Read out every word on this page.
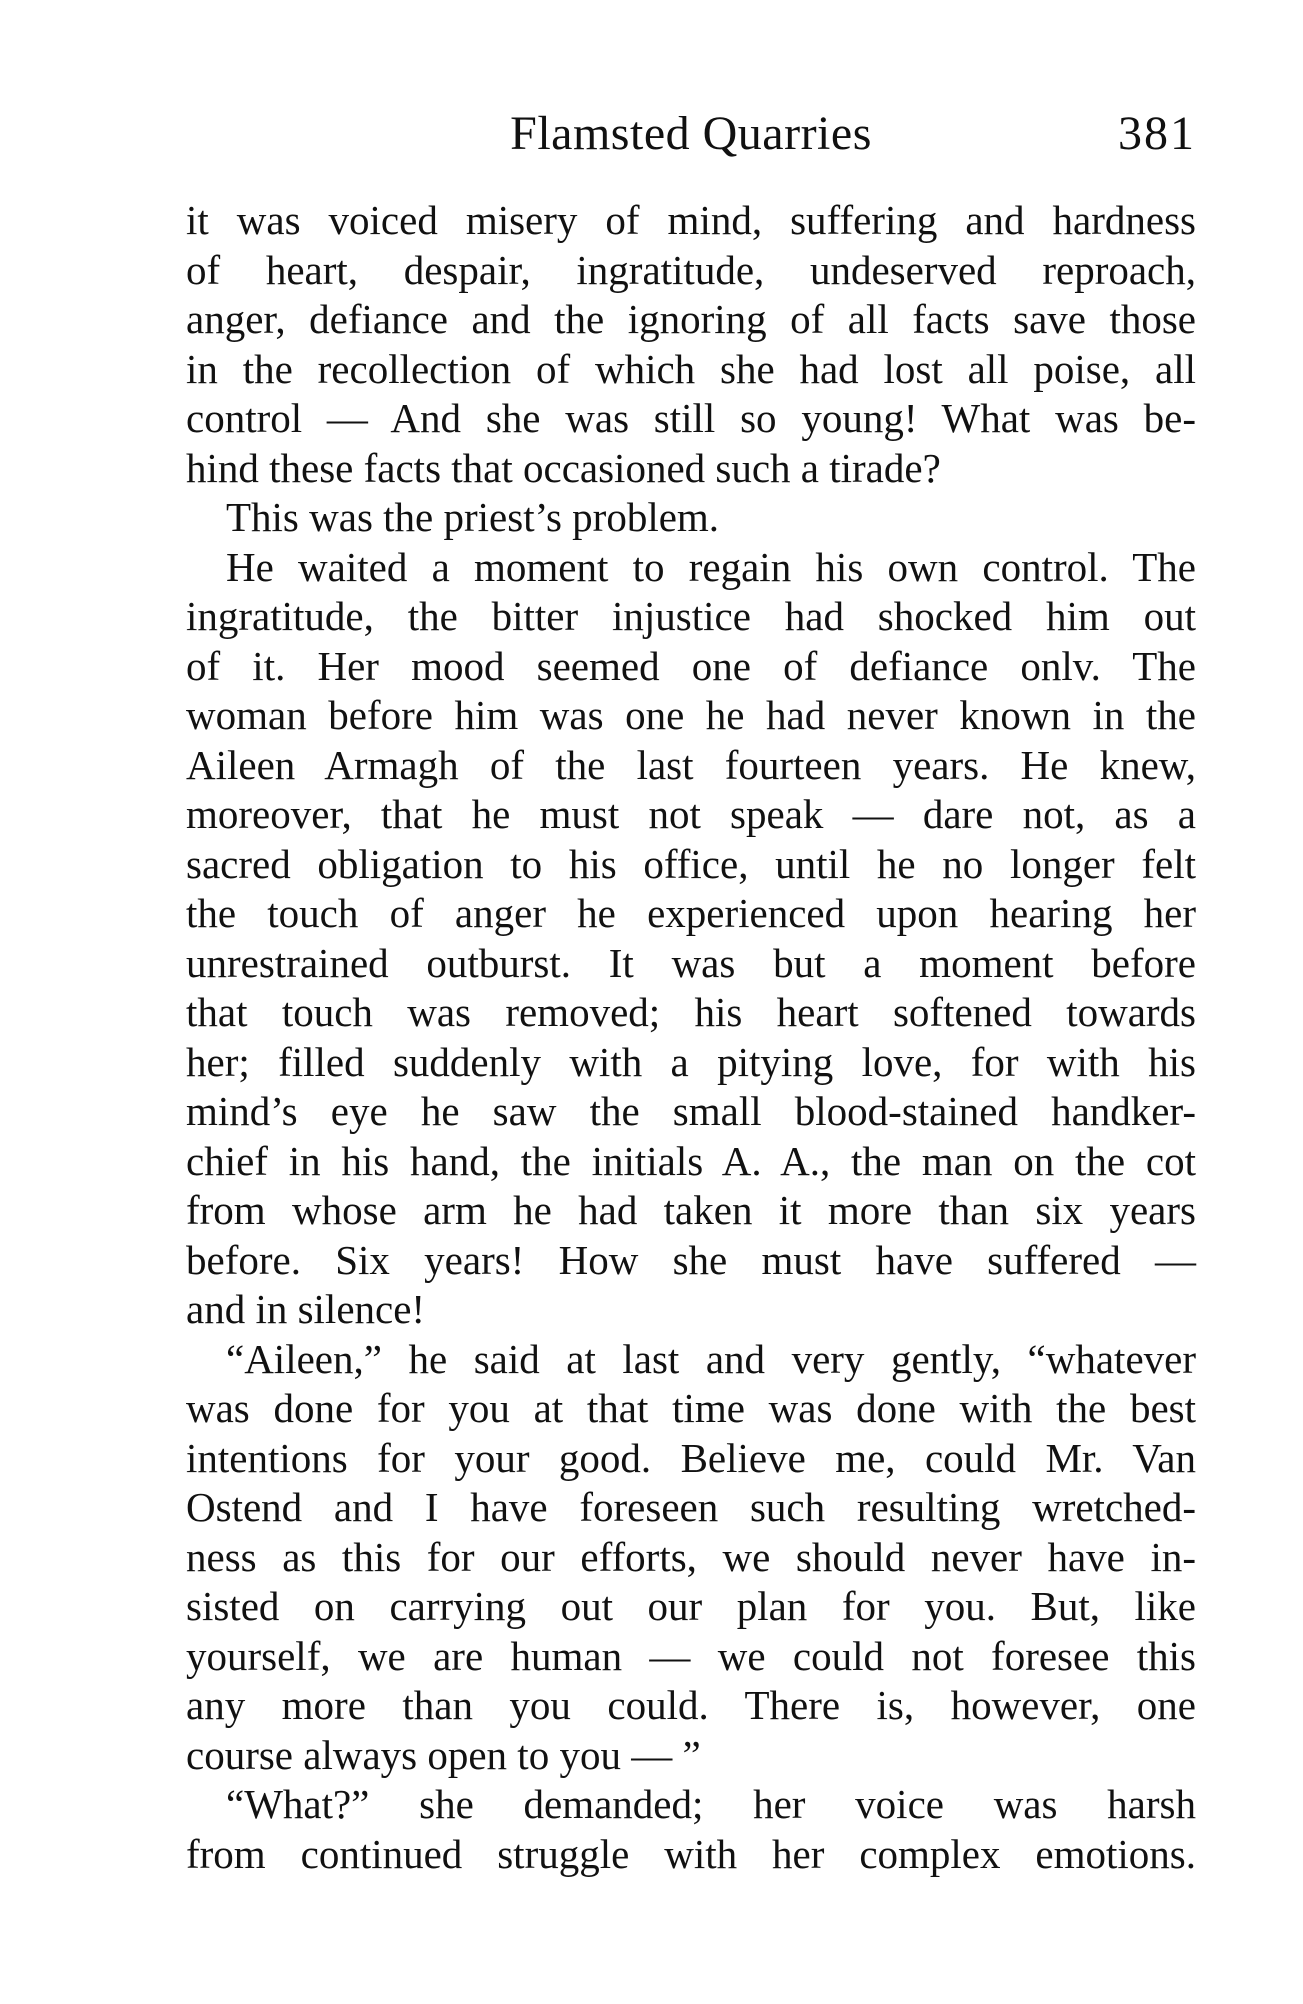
Flamsted Quarries	381
it was voiced misery of mind, suffering and hardness
of heart, despair, ingratitude, undeserved reproach,
anger, defiance and the ignoring of all facts save those
in the recollection of which she had lost all poise, all
control — And she was still so young! What was be-
hind these facts that occasioned such a tirade?
This was the priest’s problem.
He waited a moment to regain his own control. The
ingratitude, the bitter injustice had shocked him out
of it. Her mood seemed one of defiance onlv. The
woman before him was one he had never known in the
Aileen Armagh of the last fourteen years. He knew,
moreover, that he must not speak — dare not, as a
sacred obligation to his office, until he no longer felt
the touch of anger he experienced upon hearing her
unrestrained outburst. It was but a moment before
that touch was removed; his heart softened towards
her; filled suddenly with a pitying love, for with his
mind’s eye he saw the small blood-stained handker-
chief in his hand, the initials A. A., the man on the cot
from whose arm he had taken it more than six years
before. Six years! How she must have suffered —
and in silence!
“Aileen,” he said at last and very gently, “whatever
was done for you at that time was done with the best
intentions for your good. Believe me, could Mr. Van
Ostend and I have foreseen such resulting wretched-
ness as this for our efforts, we should never have in-
sisted on carrying out our plan for you. But, like
yourself, we are human — we could not foresee this
any more than you could. There is, however, one
course always open to you — ”
“What?” she demanded; her voice was harsh
from continued struggle with her complex emotions.
